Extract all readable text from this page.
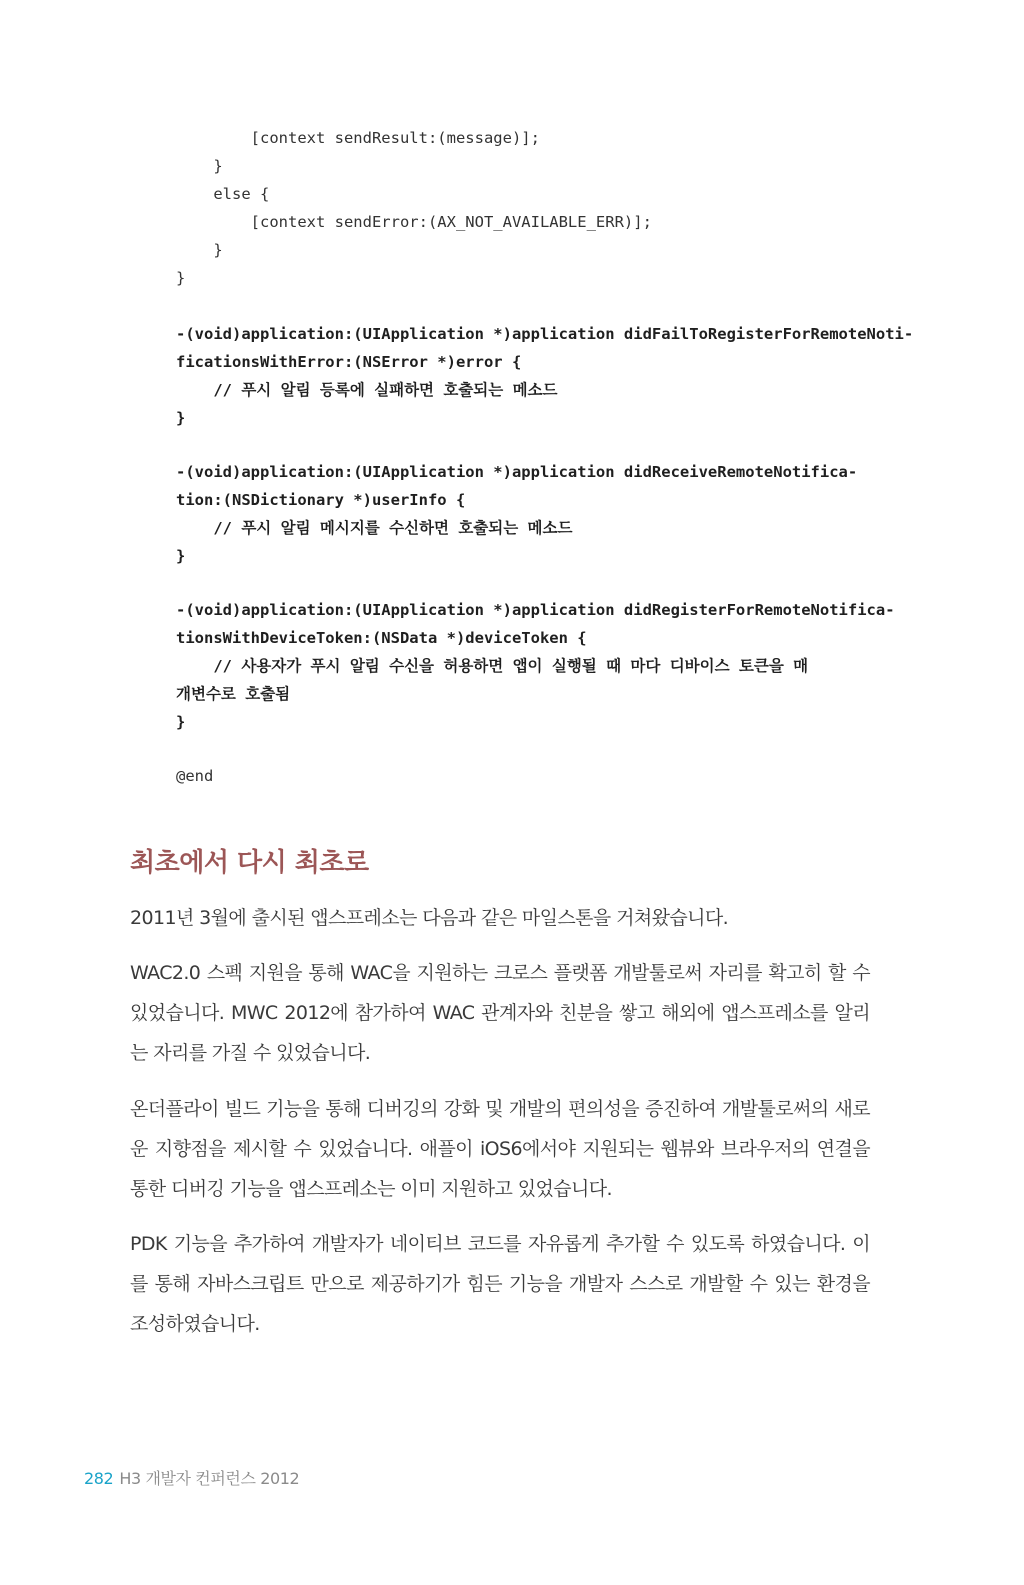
[context sendResult:(message)];
}
else {
[context sendError:(AX_NOT_AVAILABLE_ERR)];
}
}
-(void)application:(UIApplication *)application didFailToRegisterForRemoteNoti-
ficationsWithError:(NSError *)error {
// 푸시 알림 등록에 실패하면 호출되는 메소드
}
-(void)application:(UIApplication *)application didReceiveRemoteNotifica-
tion:(NSDictionary *)userInfo {
// 푸시 알림 메시지를 수신하면 호출되는 메소드
}
-(void)application:(UIApplication *)application didRegisterForRemoteNotifica-
tionsWithDeviceToken:(NSData *)deviceToken {
// 사용자가 푸시 알림 수신을 허용하면 앱이 실행될 때 마다 디바이스 토큰을 매
개변수로 호출됨
}
@end
최초에서 다시 최초로

2011년 3월에 출시된 앱스프레소는 다음과 같은 마일스톤을 거쳐왔습니다.

WAC2.0 스펙 지원을 통해 WAC을 지원하는 크로스 플랫폼 개발툴로써 자리를 확고히 할 수 있었습니다. MWC 2012에 참가하여 WAC 관계자와 친분을 쌓고 해외에 앱스프레소를 알리는 자리를 가질 수 있었습니다.

온더플라이 빌드 기능을 통해 디버깅의 강화 및 개발의 편의성을 증진하여 개발툴로써의 새로운 지향점을 제시할 수 있었습니다. 애플이 iOS6에서야 지원되는 웹뷰와 브라우저의 연결을 통한 디버깅 기능을 앱스프레소는 이미 지원하고 있었습니다.

PDK 기능을 추가하여 개발자가 네이티브 코드를 자유롭게 추가할 수 있도록 하였습니다. 이를 통해 자바스크립트 만으로 제공하기가 힘든 기능을 개발자 스스로 개발할 수 있는 환경을 조성하였습니다.

282 H3 개발자 컨퍼런스 2012
